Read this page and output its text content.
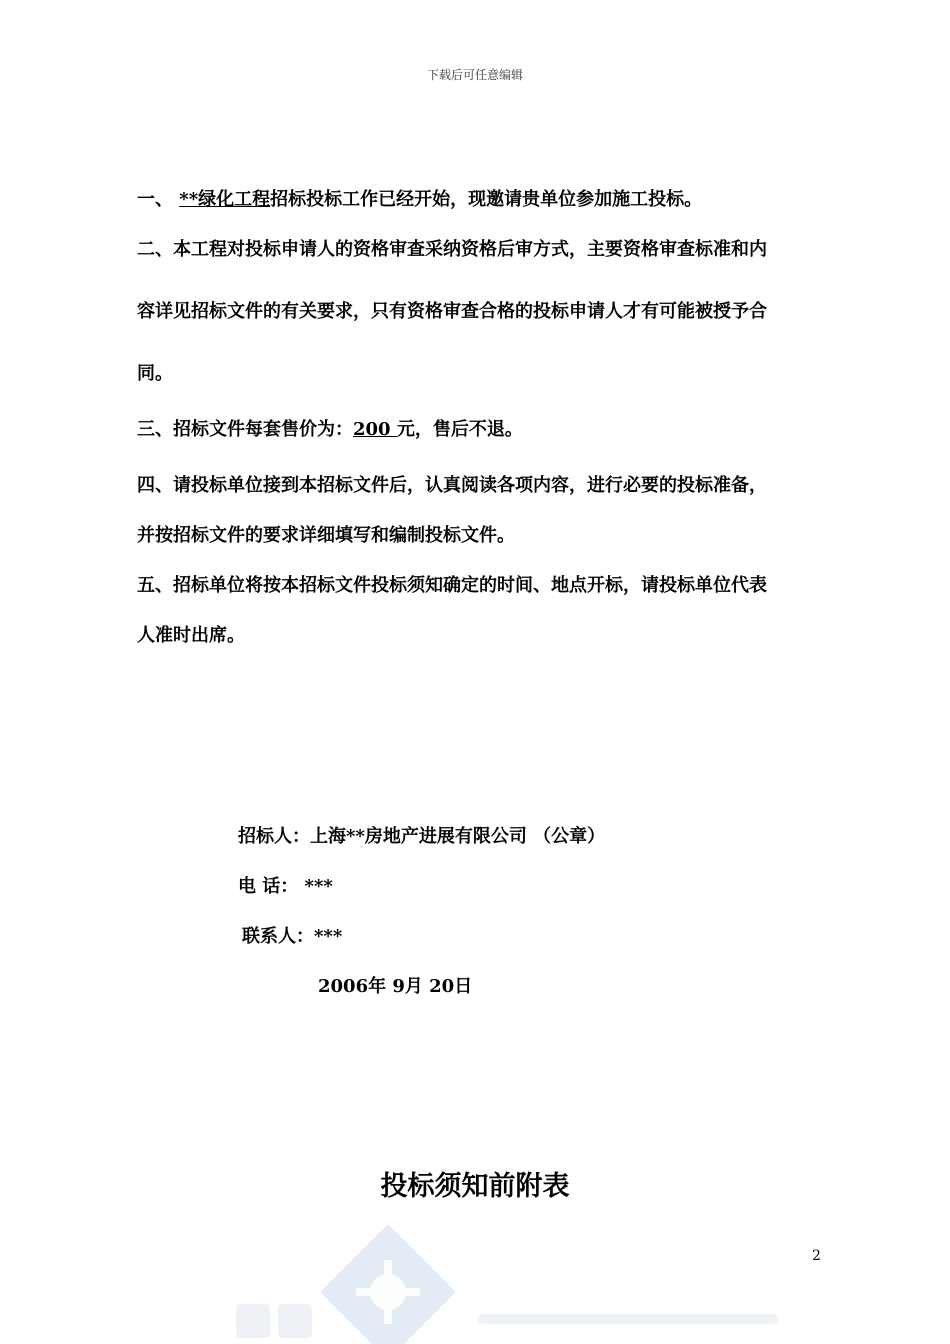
下载后可任意编辑
一、 **绿化工程招标投标工作已经开始，现邀请贵单位参加施工投标。
二、本工程对投标申请人的资格审查采纳资格后审方式，主要资格审查标准和内
容详见招标文件的有关要求，只有资格审查合格的投标申请人才有可能被授予合
同。
三、招标文件每套售价为：200 元，售后不退。
四、请投标单位接到本招标文件后，认真阅读各项内容，进行必要的投标准备，
并按招标文件的要求详细填写和编制投标文件。
五、招标单位将按本招标文件投标须知确定的时间、地点开标，请投标单位代表
人准时出席。
招标人：上海**房地产进展有限公司 （公章）
电 话： ***
联系人：***
2006年 9月 20日
投标须知前附表
2
